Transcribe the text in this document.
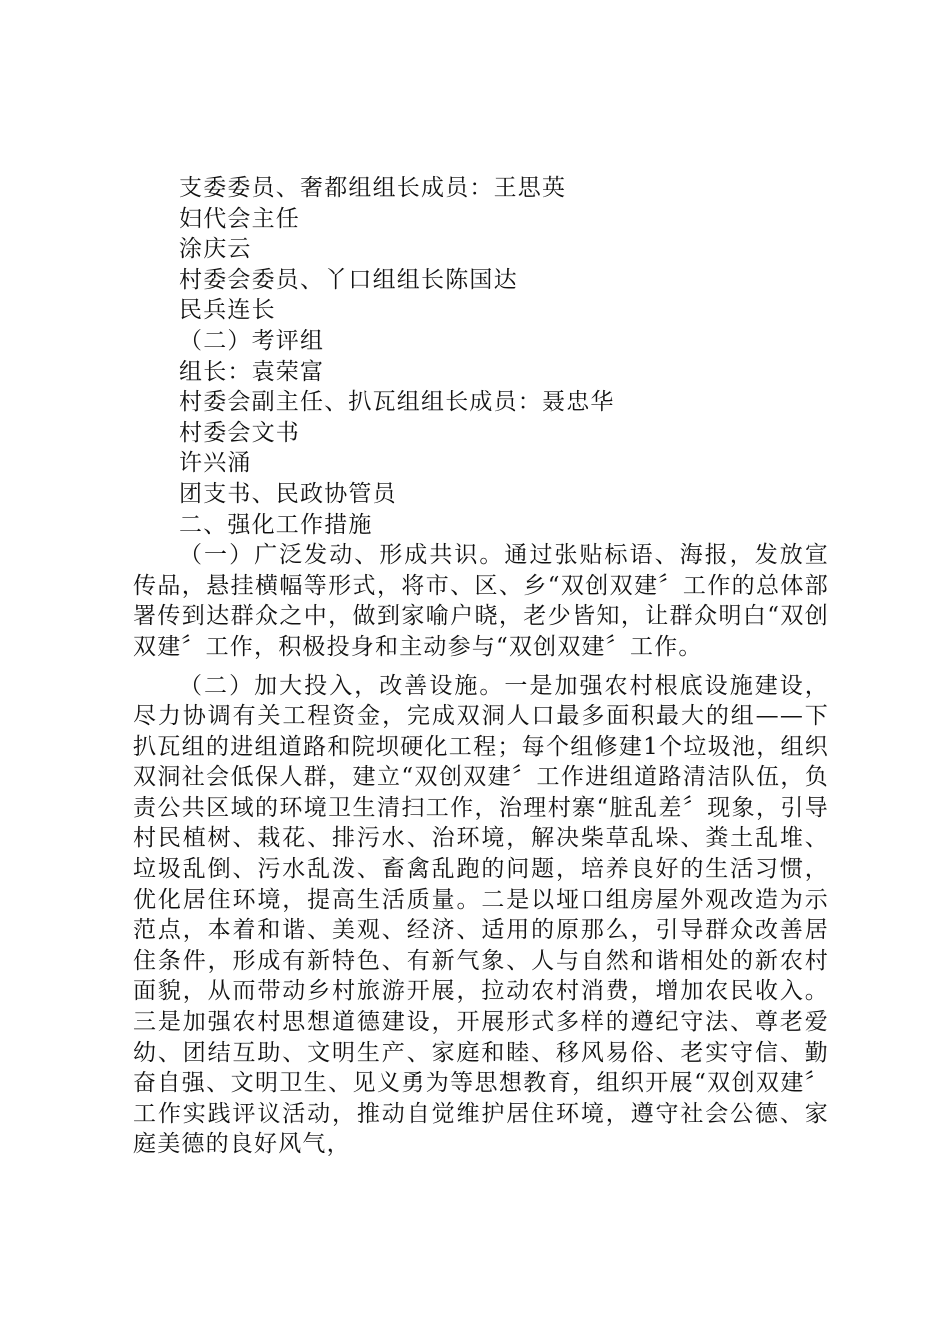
支委委员、奢都组组长成员：王思英
妇代会主任
涂庆云
村委会委员、丫口组组长陈国达
民兵连长
（二）考评组
组长：袁荣富
村委会副主任、扒瓦组组长成员：聂忠华
村委会文书
许兴涌
团支书、民政协管员
二、强化工作措施
（一）广泛发动、形成共识。通过张贴标语、海报，发放宣传品，悬挂横幅等形式，将市、区、乡“双创双建〞工作的总体部署传到达群众之中，做到家喻户晓，老少皆知，让群众明白“双创双建〞工作，积极投身和主动参与“双创双建〞工作。
（二）加大投入，改善设施。一是加强农村根底设施建设，尽力协调有关工程资金，完成双洞人口最多面积最大的组——下扒瓦组的进组道路和院坝硬化工程；每个组修建1个垃圾池，组织双洞社会低保人群，建立“双创双建〞工作进组道路清洁队伍，负责公共区域的环境卫生清扫工作，治理村寨“脏乱差〞现象，引导村民植树、栽花、排污水、治环境，解决柴草乱垛、粪土乱堆、垃圾乱倒、污水乱泼、畜禽乱跑的问题，培养良好的生活习惯，优化居住环境，提高生活质量。二是以垭口组房屋外观改造为示范点，本着和谐、美观、经济、适用的原那么，引导群众改善居住条件，形成有新特色、有新气象、人与自然和谐相处的新农村面貌，从而带动乡村旅游开展，拉动农村消费，增加农民收入。三是加强农村思想道德建设，开展形式多样的遵纪守法、尊老爱幼、团结互助、文明生产、家庭和睦、移风易俗、老实守信、勤奋自强、文明卫生、见义勇为等思想教育，组织开展“双创双建〞工作实践评议活动，推动自觉维护居住环境，遵守社会公德、家庭美德的良好风气，
